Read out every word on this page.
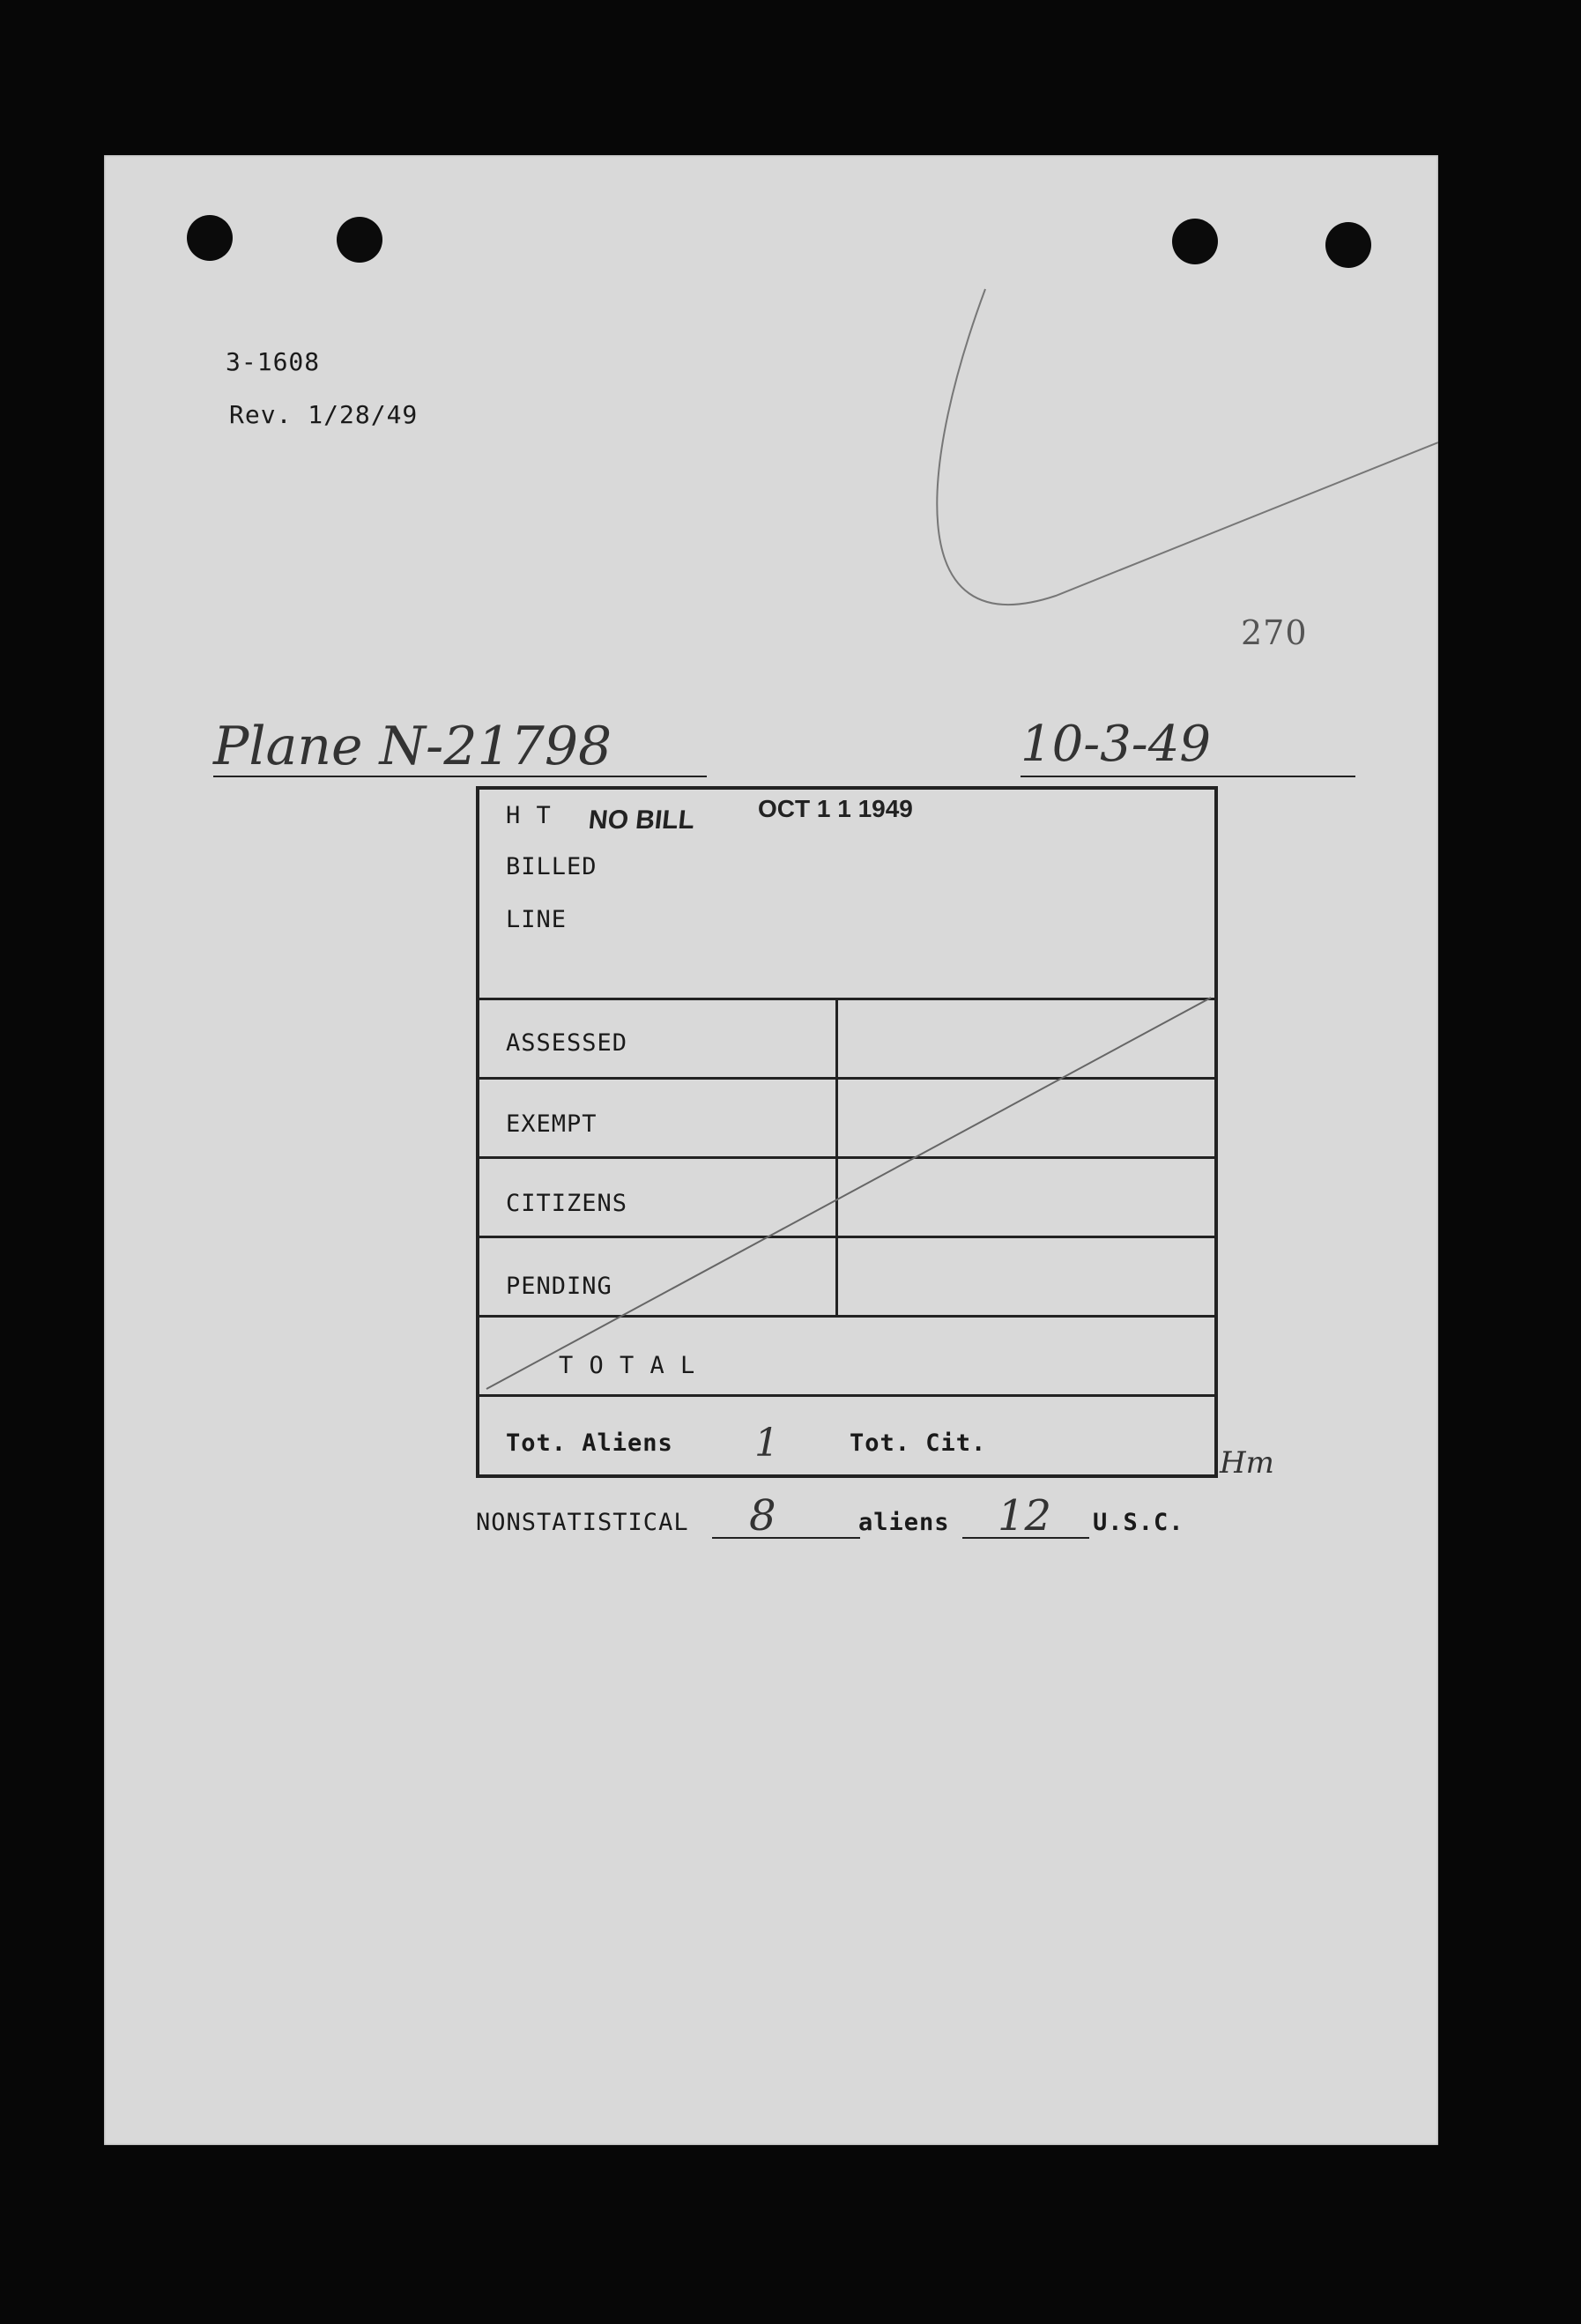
3-1608
Rev. 1/28/49
270
Plane N-21798	10-3-49
H T NO BILL	OCT 1 1 1949
BILLED
LINE
ASSESSED
EXEMPT
CITIZENS
PENDING
T O T A L
Tot. Aliens 1	Tot. Cit.
Hm
NONSTATISTICAL 8	aliens 12 U.S.C.
